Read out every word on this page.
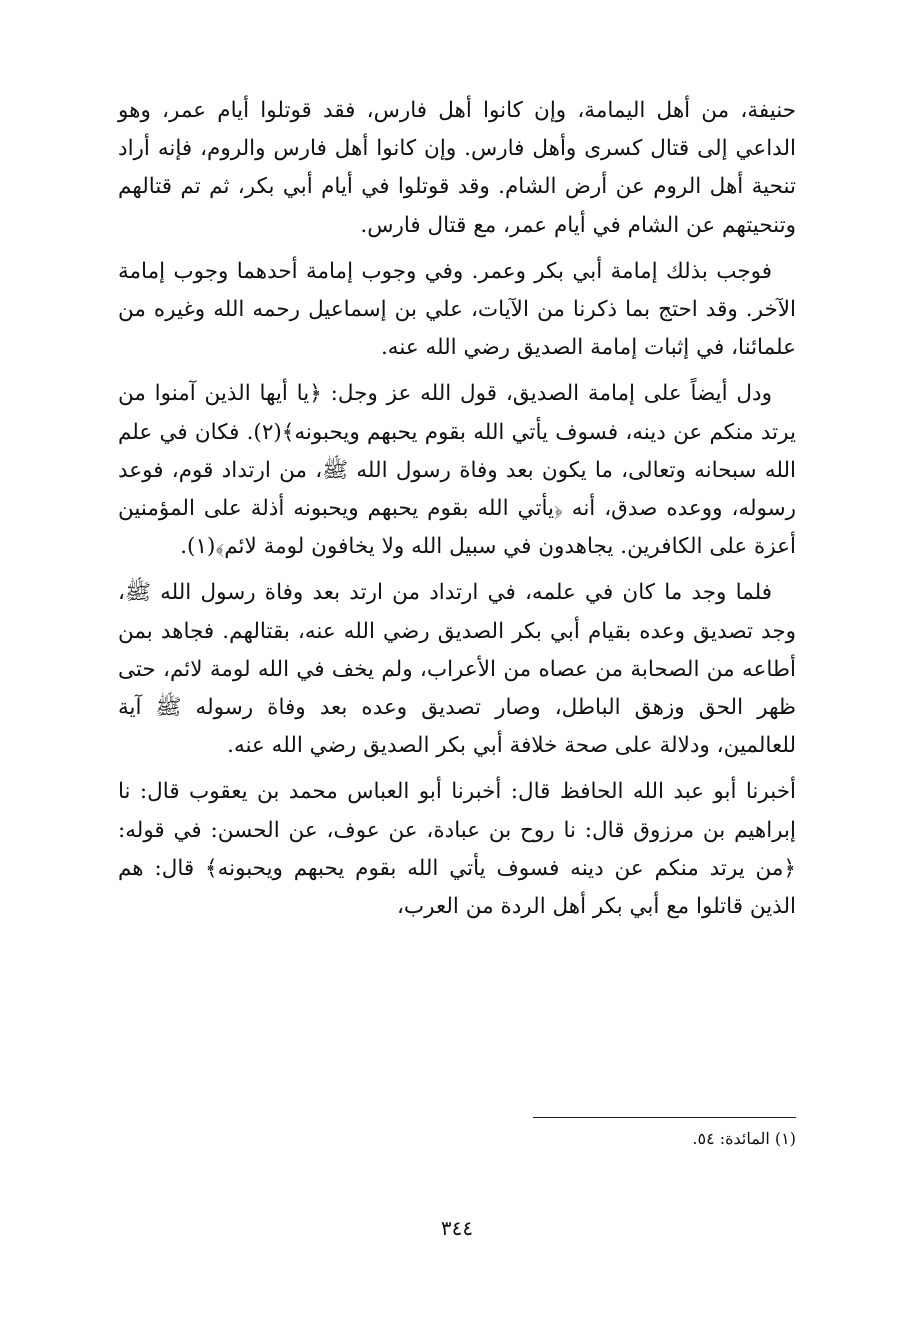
حنيفة، من أهل اليمامة، وإن كانوا أهل فارس، فقد قوتلوا أيام عمر، وهو الداعي إلى قتال كسرى وأهل فارس. وإن كانوا أهل فارس والروم، فإنه أراد تنحية أهل الروم عن أرض الشام. وقد قوتلوا في أيام أبي بكر، ثم تم قتالهم وتنحيتهم عن الشام في أيام عمر، مع قتال فارس.

فوجب بذلك إمامة أبي بكر وعمر. وفي وجوب إمامة أحدهما وجوب إمامة الآخر. وقد احتج بما ذكرنا من الآيات، علي بن إسماعيل رحمه الله وغيره من علمائنا، في إثبات إمامة الصديق رضي الله عنه.

ودل أيضاً على إمامة الصديق، قول الله عز وجل: ﴿يا أيها الذين آمنوا من يرتد منكم عن دينه، فسوف يأتي الله بقوم يحبهم ويحبونه﴾(٢). فكان في علم الله سبحانه وتعالى، ما يكون بعد وفاة رسول الله ﷺ، من ارتداد قوم، فوعد رسوله، ووعده صدق، أنه ﴿يأتي الله بقوم يحبهم ويحبونه أذلة على المؤمنين أعزة على الكافرين. يجاهدون في سبيل الله ولا يخافون لومة لائم﴾(١).

فلما وجد ما كان في علمه، في ارتداد من ارتد بعد وفاة رسول الله ﷺ، وجد تصديق وعده بقيام أبي بكر الصديق رضي الله عنه، بقتالهم. فجاهد بمن أطاعه من الصحابة من عصاه من الأعراب، ولم يخف في الله لومة لائم، حتى ظهر الحق وزهق الباطل، وصار تصديق وعده بعد وفاة رسوله ﷺ آية للعالمين، ودلالة على صحة خلافة أبي بكر الصديق رضي الله عنه.

أخبرنا أبو عبد الله الحافظ قال: أخبرنا أبو العباس محمد بن يعقوب قال: نا إبراهيم بن مرزوق قال: نا روح بن عبادة، عن عوف، عن الحسن: في قوله: ﴿من يرتد منكم عن دينه فسوف يأتي الله بقوم يحبهم ويحبونه﴾ قال: هم الذين قاتلوا مع أبي بكر أهل الردة من العرب،

(١) المائدة: ٥٤.
٣٤٤
